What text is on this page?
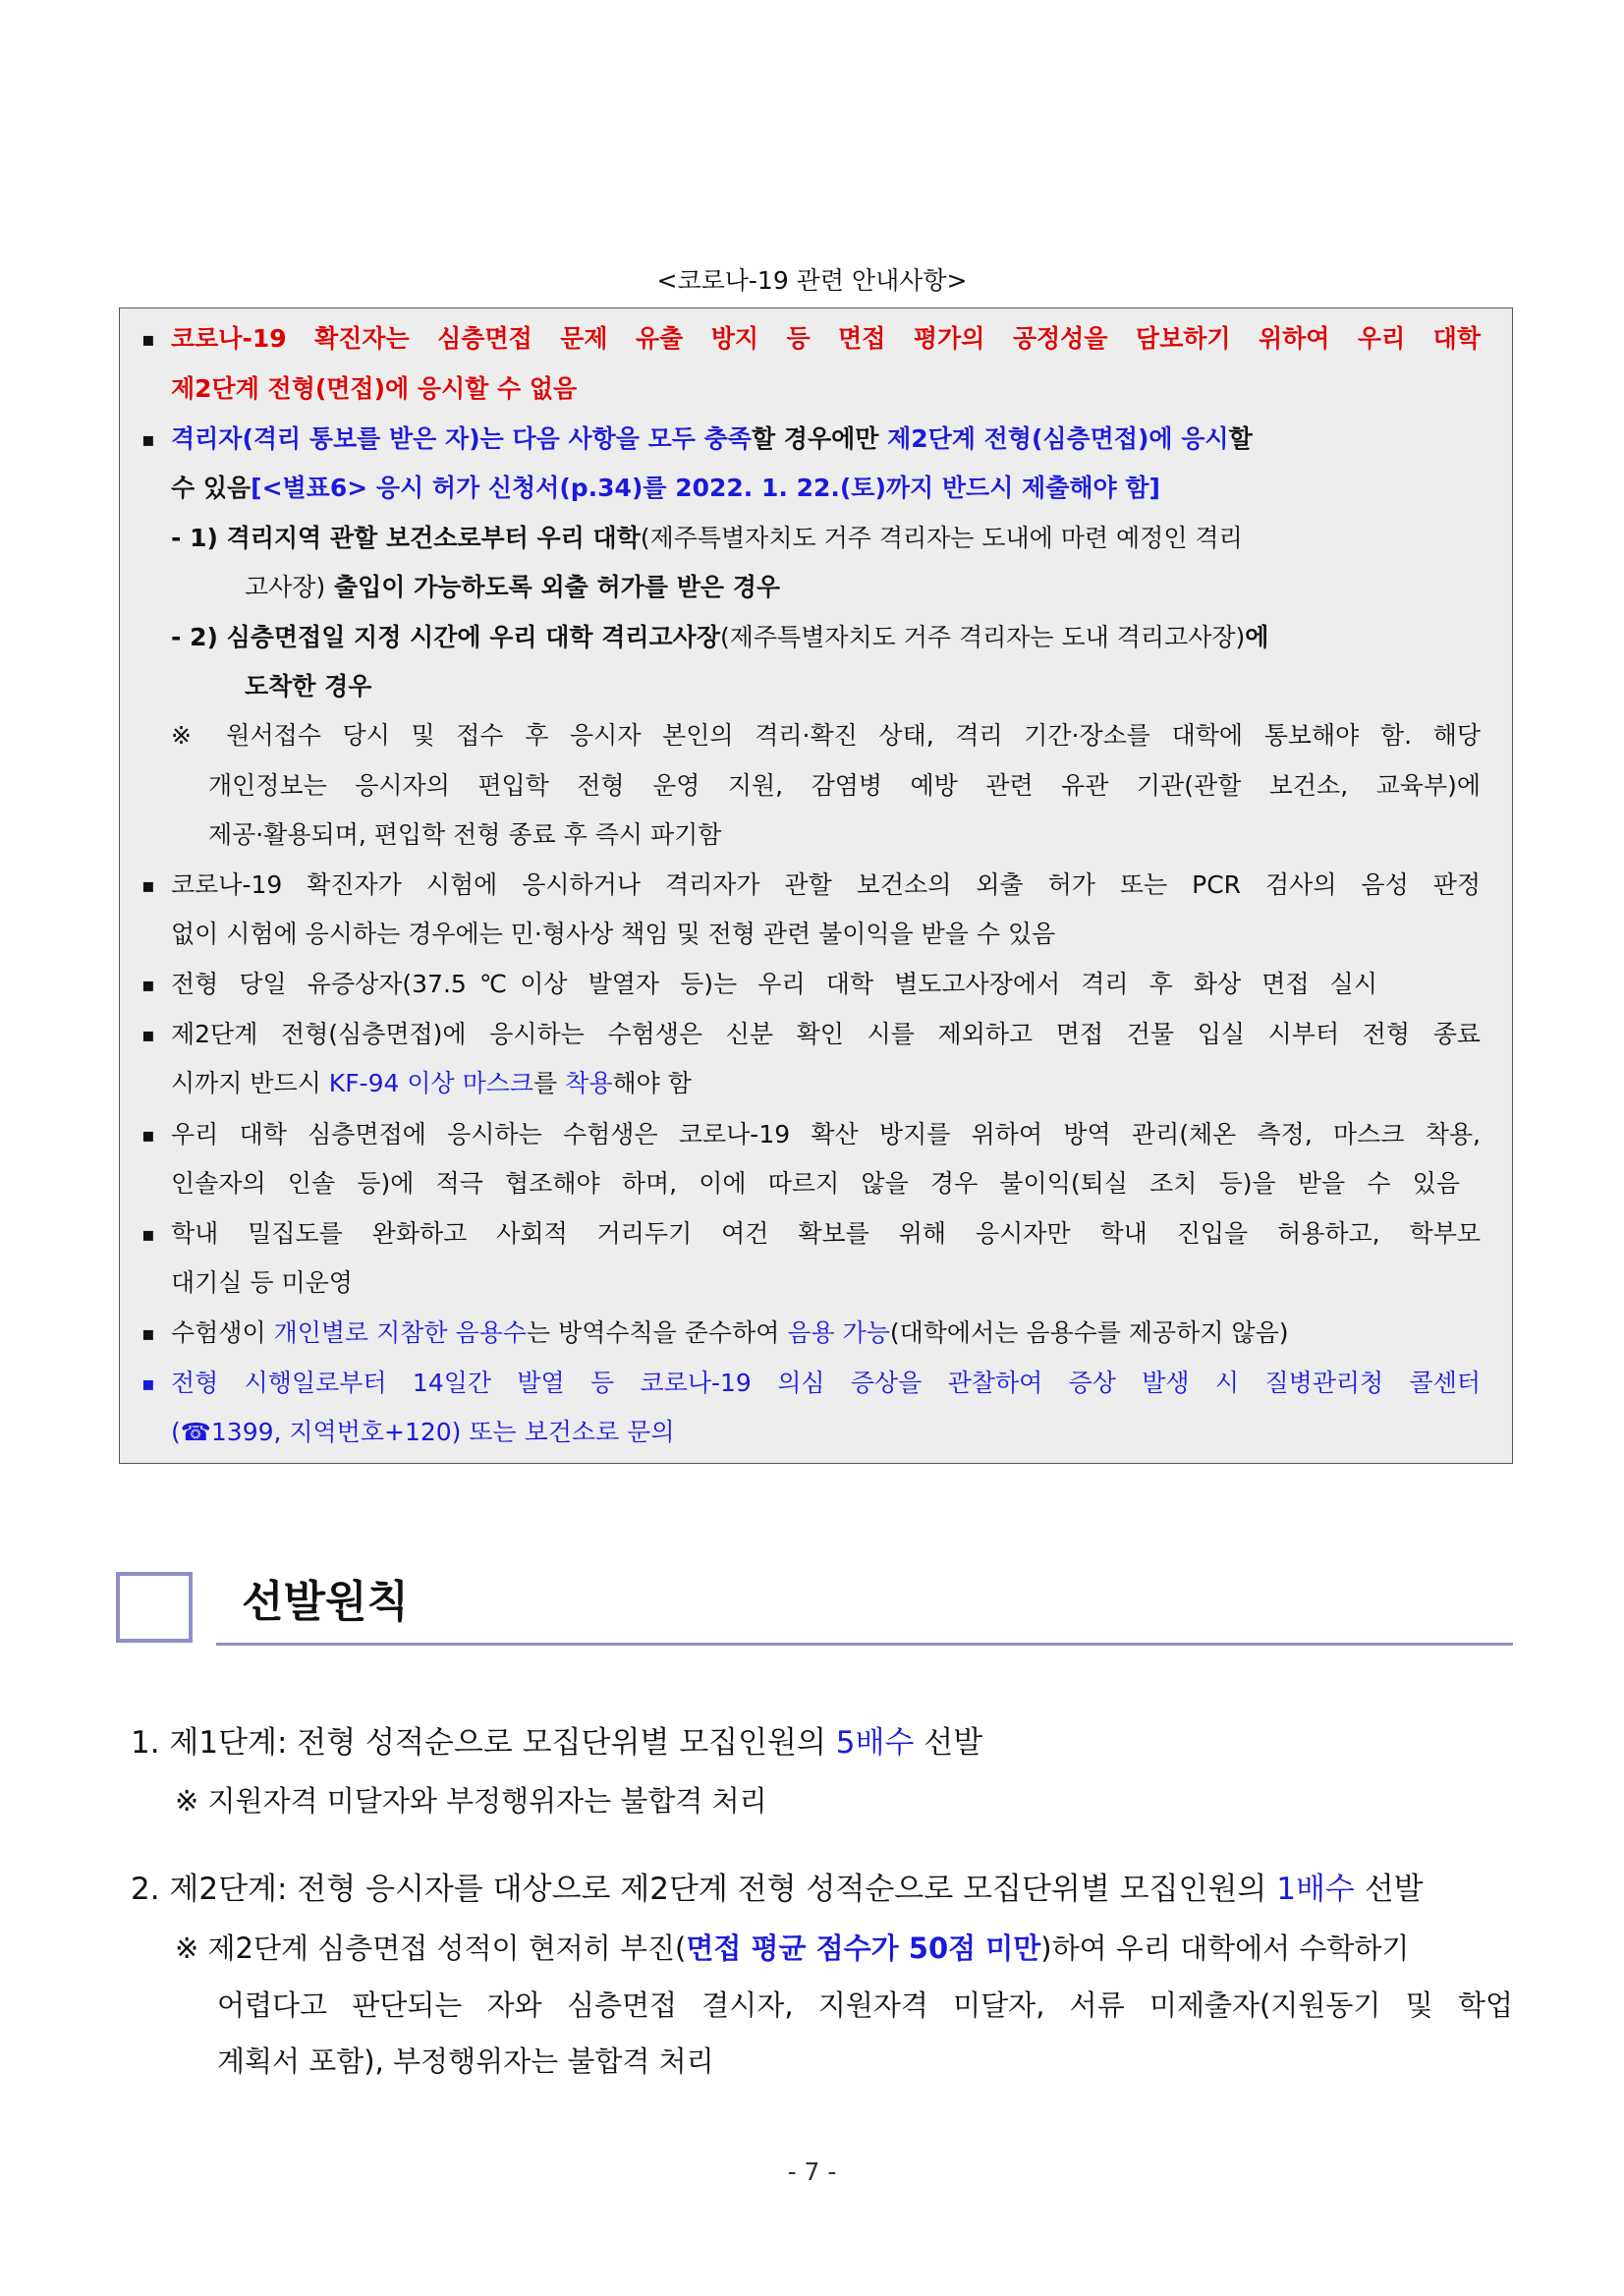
<코로나-19 관련 안내사항>
▪ 코로나-19 확진자는 심층면접 문제 유출 방지 등 면접 평가의 공정성을 담보하기 위하여 우리 대학
제2단계 전형(면접)에 응시할 수 없음
▪ 격리자(격리 통보를 받은 자)는 다음 사항을 모두 충족할 경우에만 제2단계 전형(심층면접)에 응시할
수 있음[<별표6> 응시 허가 신청서(p.34)를 2022. 1. 22.(토)까지 반드시 제출해야 함]
- 1) 격리지역 관할 보건소로부터 우리 대학(제주특별자치도 거주 격리자는 도내에 마련 예정인 격리
고사장) 출입이 가능하도록 외출 허가를 받은 경우
- 2) 심층면접일 지정 시간에 우리 대학 격리고사장(제주특별자치도 거주 격리자는 도내 격리고사장)에
도착한 경우
※ 원서접수 당시 및 접수 후 응시자 본인의 격리·확진 상태, 격리 기간·장소를 대학에 통보해야 함. 해당
개인정보는 응시자의 편입학 전형 운영 지원, 감염병 예방 관련 유관 기관(관할 보건소, 교육부)에
제공·활용되며, 편입학 전형 종료 후 즉시 파기함
▪ 코로나-19 확진자가 시험에 응시하거나 격리자가 관할 보건소의 외출 허가 또는 PCR 검사의 음성 판정
없이 시험에 응시하는 경우에는 민·형사상 책임 및 전형 관련 불이익을 받을 수 있음
▪ 전형 당일 유증상자(37.5℃이상 발열자 등)는 우리 대학 별도고사장에서 격리 후 화상 면접 실시
▪ 제2단계 전형(심층면접)에 응시하는 수험생은 신분 확인 시를 제외하고 면접 건물 입실 시부터 전형 종료
시까지 반드시 KF-94 이상 마스크를 착용해야 함
▪ 우리 대학 심층면접에 응시하는 수험생은 코로나-19 확산 방지를 위하여 방역 관리(체온 측정, 마스크 착용,
인솔자의 인솔 등)에 적극 협조해야 하며, 이에 따르지 않을 경우 불이익(퇴실 조치 등)을 받을 수 있음
▪ 학내 밀집도를 완화하고 사회적 거리두기 여건 확보를 위해 응시자만 학내 진입을 허용하고, 학부모
대기실 등 미운영
▪ 수험생이 개인별로 지참한 음용수는 방역수칙을 준수하여 음용 가능(대학에서는 음용수를 제공하지 않음)
▪ 전형 시행일로부터 14일간 발열 등 코로나-19 의심 증상을 관찰하여 증상 발생 시 질병관리청 콜센터
(☎1399, 지역번호+120) 또는 보건소로 문의
선발원칙
1. 제1단계: 전형 성적순으로 모집단위별 모집인원의 5배수 선발
※ 지원자격 미달자와 부정행위자는 불합격 처리
2. 제2단계: 전형 응시자를 대상으로 제2단계 전형 성적순으로 모집단위별 모집인원의 1배수 선발
※ 제2단계 심층면접 성적이 현저히 부진(면접 평균 점수가 50점 미만)하여 우리 대학에서 수학하기
어렵다고 판단되는 자와 심층면접 결시자, 지원자격 미달자, 서류 미제출자(지원동기 및 학업
계획서 포함), 부정행위자는 불합격 처리
- 7 -
